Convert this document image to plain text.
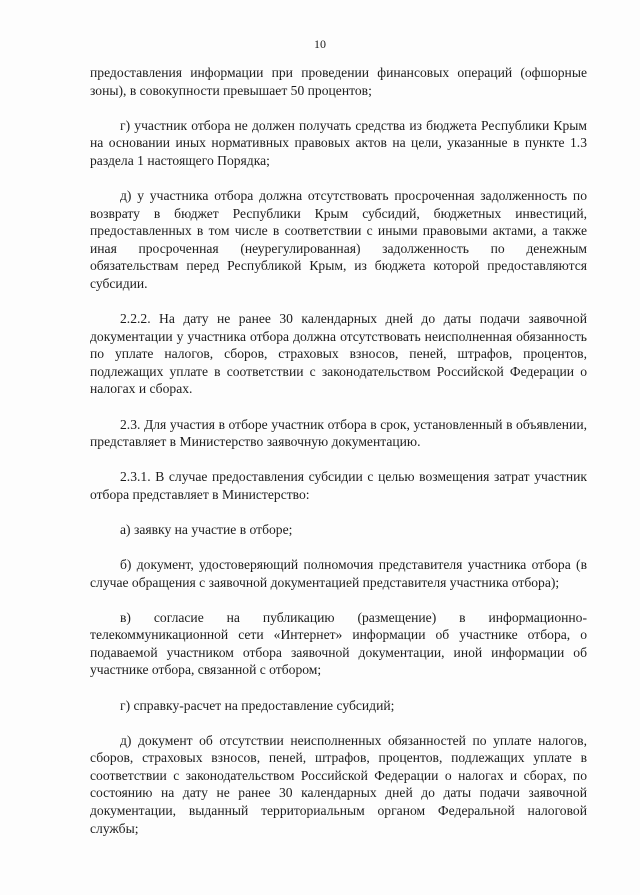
10

предоставления информации при проведении финансовых операций (офшорные зоны), в совокупности превышает 50 процентов;

г) участник отбора не должен получать средства из бюджета Республики Крым на основании иных нормативных правовых актов на цели, указанные в пункте 1.3 раздела 1 настоящего Порядка;

д) у участника отбора должна отсутствовать просроченная задолженность по возврату в бюджет Республики Крым субсидий, бюджетных инвестиций, предоставленных в том числе в соответствии с иными правовыми актами, а также иная просроченная (неурегулированная) задолженность по денежным обязательствам перед Республикой Крым, из бюджета которой предоставляются субсидии.

2.2.2. На дату не ранее 30 календарных дней до даты подачи заявочной документации у участника отбора должна отсутствовать неисполненная обязанность по уплате налогов, сборов, страховых взносов, пеней, штрафов, процентов, подлежащих уплате в соответствии с законодательством Российской Федерации о налогах и сборах.

2.3. Для участия в отборе участник отбора в срок, установленный в объявлении, представляет в Министерство заявочную документацию.

2.3.1. В случае предоставления субсидии с целью возмещения затрат участник отбора представляет в Министерство:

а) заявку на участие в отборе;

б) документ, удостоверяющий полномочия представителя участника отбора (в случае обращения с заявочной документацией представителя участника отбора);

в) согласие на публикацию (размещение) в информационно-телекоммуникационной сети «Интернет» информации об участнике отбора, о подаваемой участником отбора заявочной документации, иной информации об участнике отбора, связанной с отбором;

г) справку-расчет на предоставление субсидий;

д) документ об отсутствии неисполненных обязанностей по уплате налогов, сборов, страховых взносов, пеней, штрафов, процентов, подлежащих уплате в соответствии с законодательством Российской Федерации о налогах и сборах, по состоянию на дату не ранее 30 календарных дней до даты подачи заявочной документации, выданный территориальным органом Федеральной налоговой службы;
